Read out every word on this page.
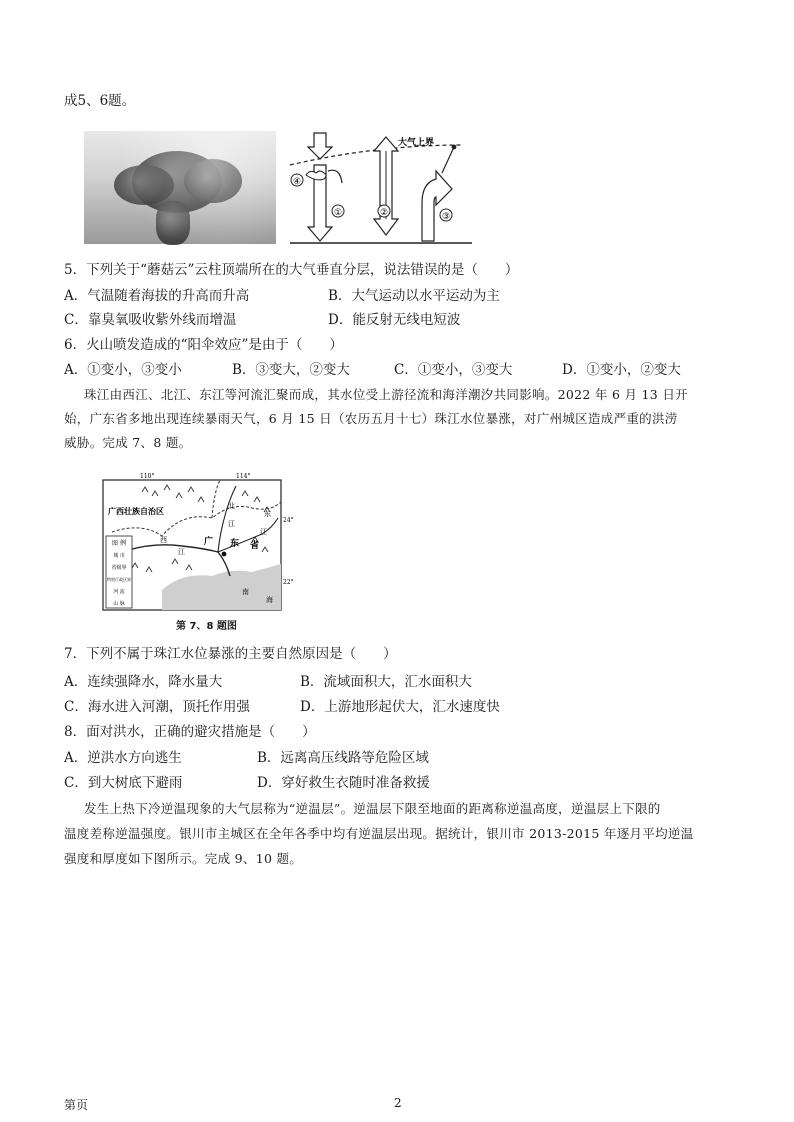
成5、6题。
④
①	②	③
大气上界
5．下列关于“蘑菇云”云柱顶端所在的大气垂直分层，说法错误的是（　　）
A．气温随着海拔的升高而升高	B．大气运动以水平运动为主
C．靠臭氧吸收紫外线而增温	D．能反射无线电短波
6．火山喷发造成的“阳伞效应”是由于（　　）
A．①变小，③变小	B．③变大，②变大	C．①变小，③变大	D．①变小，②变大
珠江由西江、北江、东江等河流汇聚而成，其水位受上游径流和海洋潮汐共同影响。2022 年 6 月 13 日开
始，广东省多地出现连续暴雨天气，6 月 15 日（农历五月十七）珠江水位暴涨，对广州城区造成严重的洪涝
威胁。完成 7、8 题。
图 例
城 市
省级界
特别行政区界
河 流
山 脉
110°	114°
24°
22°
广西壮族自治区
广 东 省
西
江
北
江
东
江
南
海
第 7、8 题图
7．下列不属于珠江水位暴涨的主要自然原因是（　　）
A．连续强降水，降水量大	B．流域面积大，汇水面积大
C．海水进入河潮，顶托作用强	D．上游地形起伏大，汇水速度快
8．面对洪水，正确的避灾措施是（　　）
A．逆洪水方向逃生	B．远离高压线路等危险区域
C．到大树底下避雨	D．穿好救生衣随时准备救援
发生上热下冷逆温现象的大气层称为“逆温层”。逆温层下限至地面的距离称逆温高度，逆温层上下限的
温度差称逆温强度。银川市主城区在全年各季中均有逆温层出现。据统计，银川市 2013-2015 年逐月平均逆温
强度和厚度如下图所示。完成 9、10 题。
第页	2
